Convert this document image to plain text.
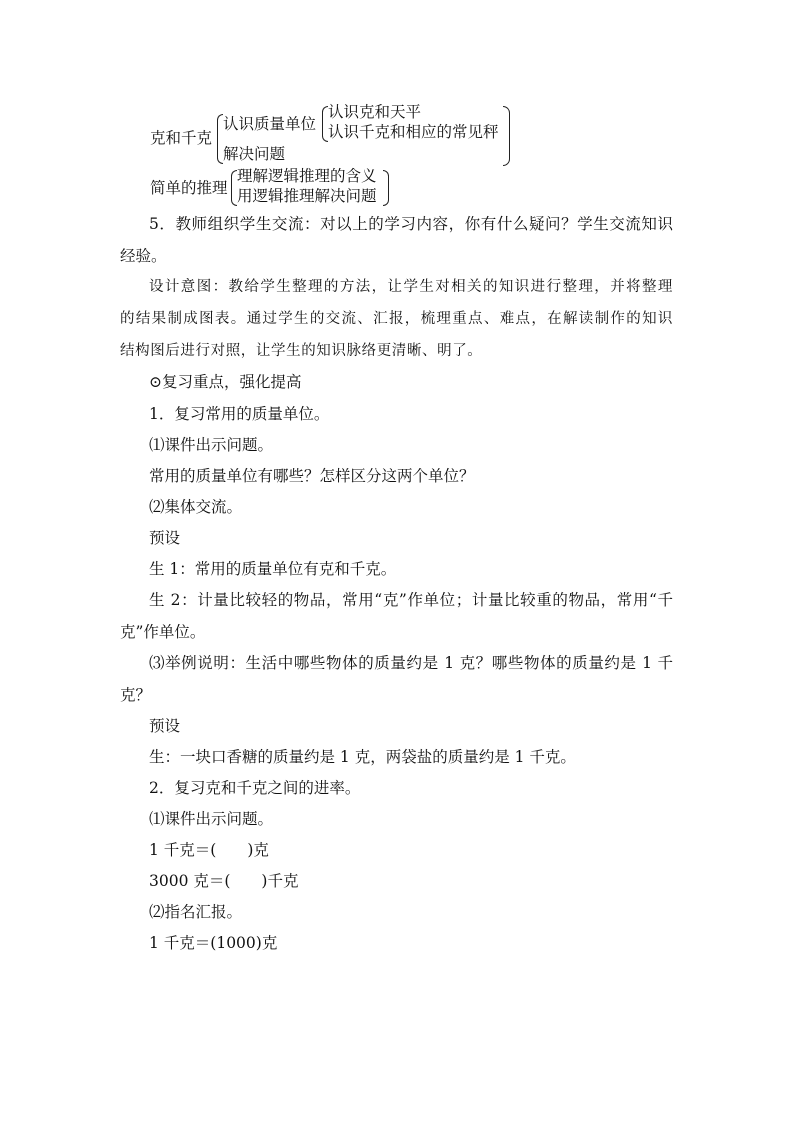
克和千克
认识质量单位
解决问题
认识克和天平
认识千克和相应的常见秤
简单的推理
理解逻辑推理的含义
用逻辑推理解决问题
5．教师组织学生交流：对以上的学习内容，你有什么疑问？学生交流知识
经验。
设计意图：教给学生整理的方法，让学生对相关的知识进行整理，并将整理
的结果制成图表。通过学生的交流、汇报，梳理重点、难点，在解读制作的知识
结构图后进行对照，让学生的知识脉络更清晰、明了。
⊙复习重点，强化提高
1．复习常用的质量单位。
⑴课件出示问题。
常用的质量单位有哪些？怎样区分这两个单位？
⑵集体交流。
预设
生 1：常用的质量单位有克和千克。
生 2：计量比较轻的物品，常用“克”作单位；计量比较重的物品，常用“千
克”作单位。
⑶举例说明：生活中哪些物体的质量约是 1 克？哪些物体的质量约是 1 千
克？
预设
生：一块口香糖的质量约是 1 克，两袋盐的质量约是 1 千克。
2．复习克和千克之间的进率。
⑴课件出示问题。
1 千克＝(　　)克
3000 克＝(　　)千克
⑵指名汇报。
1 千克＝(1000)克
